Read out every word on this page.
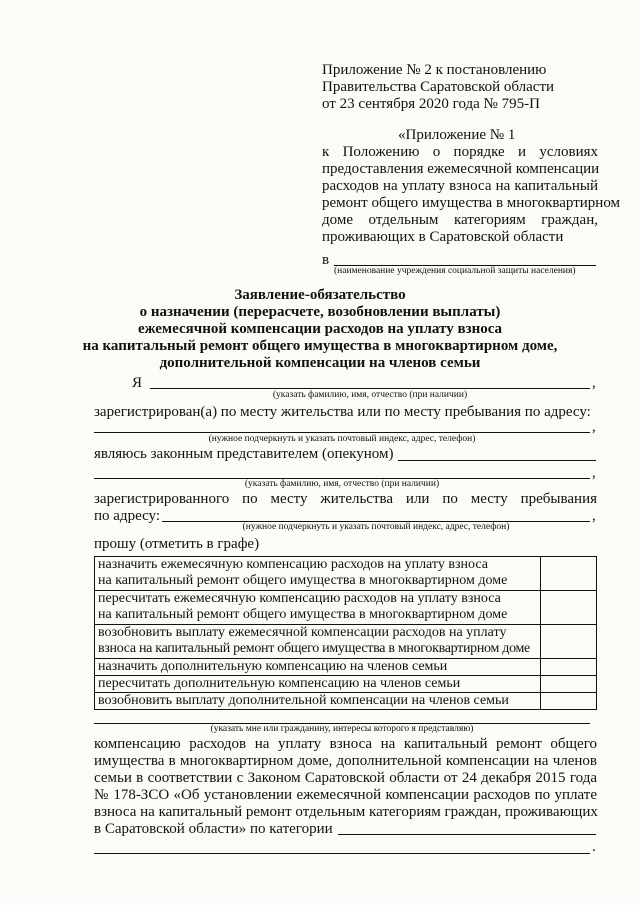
Приложение № 2 к постановлению
Правительства Саратовской области
от 23 сентября 2020 года № 795-П
«Приложение № 1
к Положению о порядке и условиях
предоставления ежемесячной компенсации
расходов на уплату взноса на капитальный
ремонт общего имущества в многоквартирном
доме отдельным категориям граждан,
проживающих в Саратовской области
в
(наименование учреждения социальной защиты населения)
Заявление-обязательство
о назначении (перерасчете, возобновлении выплаты)
ежемесячной компенсации расходов на уплату взноса
на капитальный ремонт общего имущества в многоквартирном доме,
дополнительной компенсации на членов семьи
Я	,
(указать фамилию, имя, отчество (при наличии)
зарегистрирован(а) по месту жительства или по месту пребывания по адресу:
,
(нужное подчеркнуть и указать почтовый индекс, адрес, телефон)
являюсь законным представителем (опекуном)
,
(указать фамилию, имя, отчество (при наличии)
зарегистрированного по месту жительства или по месту пребывания
по адресу:	,
(нужное подчеркнуть и указать почтовый индекс, адрес, телефон)
прошу (отметить в графе)
назначить ежемесячную компенсацию расходов на уплату взноса
на капитальный ремонт общего имущества в многоквартирном доме	

пересчитать ежемесячную компенсацию расходов на уплату взноса
на капитальный ремонт общего имущества в многоквартирном доме	

возобновить выплату ежемесячной компенсации расходов на уплату
взноса на капитальный ремонт общего имущества в многоквартирном доме	

назначить дополнительную компенсацию на членов семьи	

пересчитать дополнительную компенсацию на членов семьи	

возобновить выплату дополнительной компенсации на членов семьи	

(указать мне или гражданину, интересы которого я представляю)
компенсацию расходов на уплату взноса на капитальный ремонт общего
имущества в многоквартирном доме, дополнительной компенсации на членов
семьи в соответствии с Законом Саратовской области от 24 декабря 2015 года
№ 178-ЗСО «Об установлении ежемесячной компенсации расходов по уплате
взноса на капитальный ремонт отдельным категориям граждан, проживающих
в Саратовской области» по категории
.
